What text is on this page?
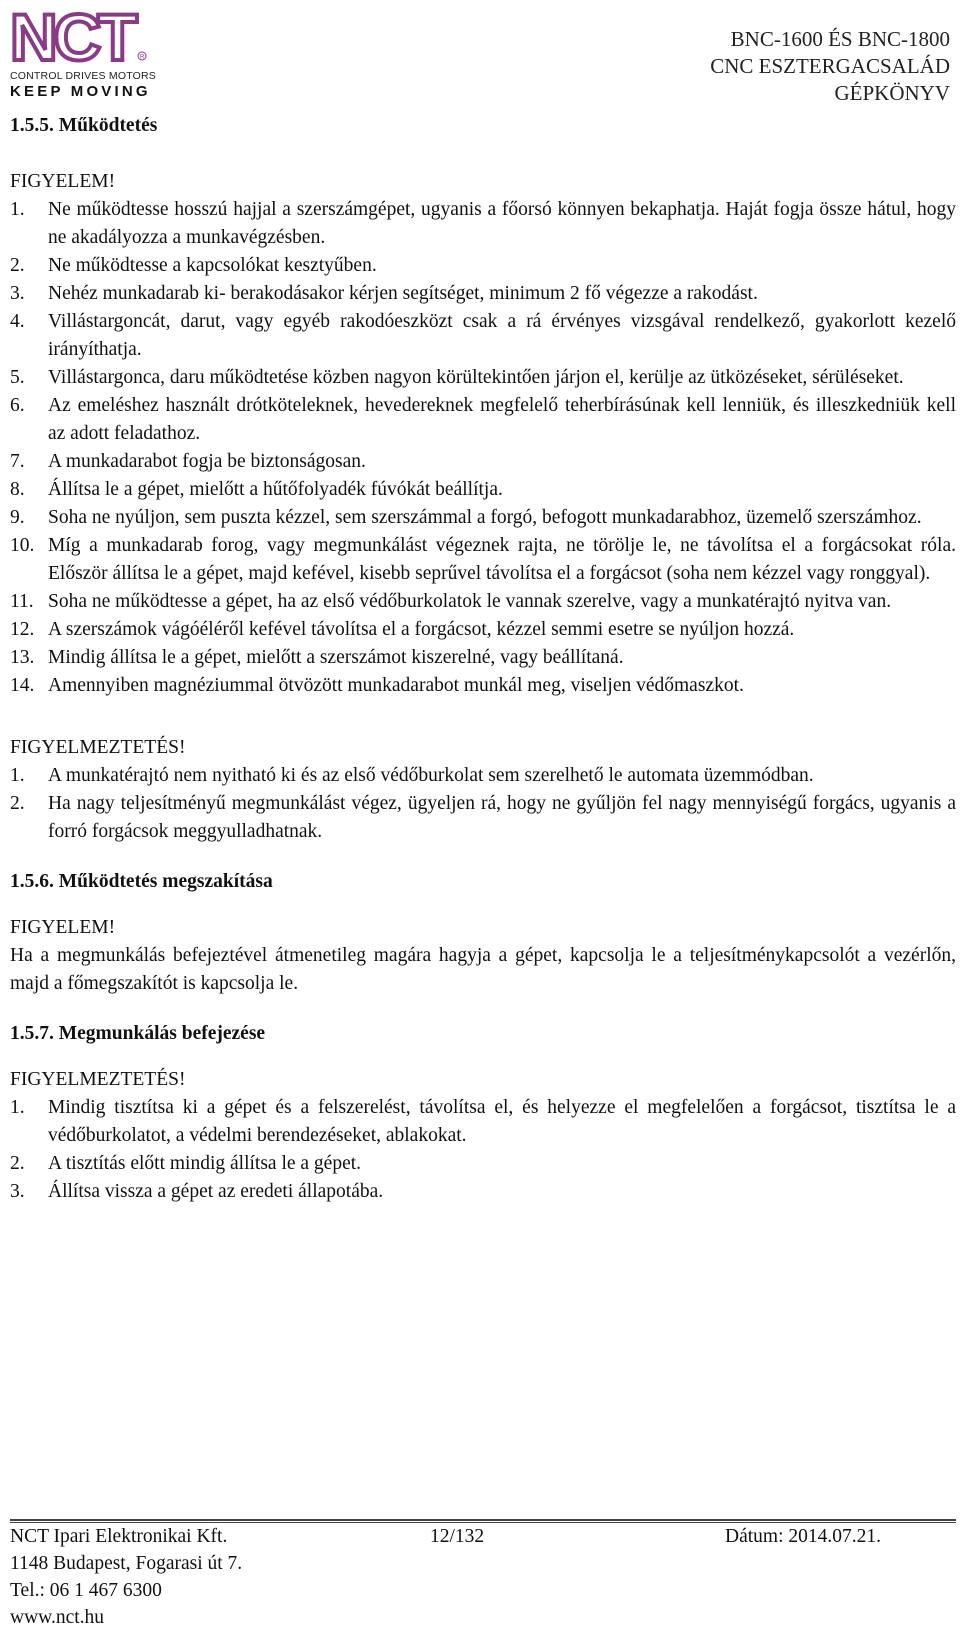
NCT	R
CONTROL DRIVES MOTORS
KEEP MOVING
BNC-1600 ÉS BNC-1800
CNC ESZTERGACSALÁD
GÉPKÖNYV
1.5.5. Működtetés
FIGYELEM!
1. Ne működtesse hosszú hajjal a szerszámgépet, ugyanis a főorsó könnyen bekaphatja. Haját fogja össze hátul, hogy ne akadályozza a munkavégzésben.
2. Ne működtesse a kapcsolókat kesztyűben.
3. Nehéz munkadarab ki- berakodásakor kérjen segítséget, minimum 2 fő végezze a rakodást.
4. Villástargoncát, darut, vagy egyéb rakodóeszközt csak a rá érvényes vizsgával rendelkező, gyakorlott kezelő irányíthatja.
5. Villástargonca, daru működtetése közben nagyon körültekintően járjon el, kerülje az ütközéseket, sérüléseket.
6. Az emeléshez használt drótköteleknek, hevedereknek megfelelő teherbírásúnak kell lenniük, és illeszkedniük kell az adott feladathoz.
7. A munkadarabot fogja be biztonságosan.
8. Állítsa le a gépet, mielőtt a hűtőfolyadék fúvókát beállítja.
9. Soha ne nyúljon, sem puszta kézzel, sem szerszámmal a forgó, befogott munkadarabhoz, üzemelő szerszámhoz.
10. Míg a munkadarab forog, vagy megmunkálást végeznek rajta, ne törölje le, ne távolítsa el a forgácsokat róla. Először állítsa le a gépet, majd kefével, kisebb seprűvel távolítsa el a forgácsot (soha nem kézzel vagy ronggyal).
11. Soha ne működtesse a gépet, ha az első védőburkolatok le vannak szerelve, vagy a munkatérajtó nyitva van.
12. A szerszámok vágóéléről kefével távolítsa el a forgácsot, kézzel semmi esetre se nyúljon hozzá.
13. Mindig állítsa le a gépet, mielőtt a szerszámot kiszerelné, vagy beállítaná.
14. Amennyiben magnéziummal ötvözött munkadarabot munkál meg, viseljen védőmaszkot.
FIGYELMEZTETÉS!
1. A munkatérajtó nem nyitható ki és az első védőburkolat sem szerelhető le automata üzemmódban.
2. Ha nagy teljesítményű megmunkálást végez, ügyeljen rá, hogy ne gyűljön fel nagy mennyiségű forgács, ugyanis a forró forgácsok meggyulladhatnak.
1.5.6. Működtetés megszakítása
FIGYELEM!
Ha a megmunkálás befejeztével átmenetileg magára hagyja a gépet, kapcsolja le a teljesítménykapcsolót a vezérlőn, majd a főmegszakítót is kapcsolja le.
1.5.7. Megmunkálás befejezése
FIGYELMEZTETÉS!
1. Mindig tisztítsa ki a gépet és a felszerelést, távolítsa el, és helyezze el megfelelően a forgácsot, tisztítsa le a védőburkolatot, a védelmi berendezéseket, ablakokat.
2. A tisztítás előtt mindig állítsa le a gépet.
3. Állítsa vissza a gépet az eredeti állapotába.
NCT Ipari Elektronikai Kft.	12/132	Dátum: 2014.07.21.
1148 Budapest, Fogarasi út 7.
Tel.: 06 1 467 6300
www.nct.hu
